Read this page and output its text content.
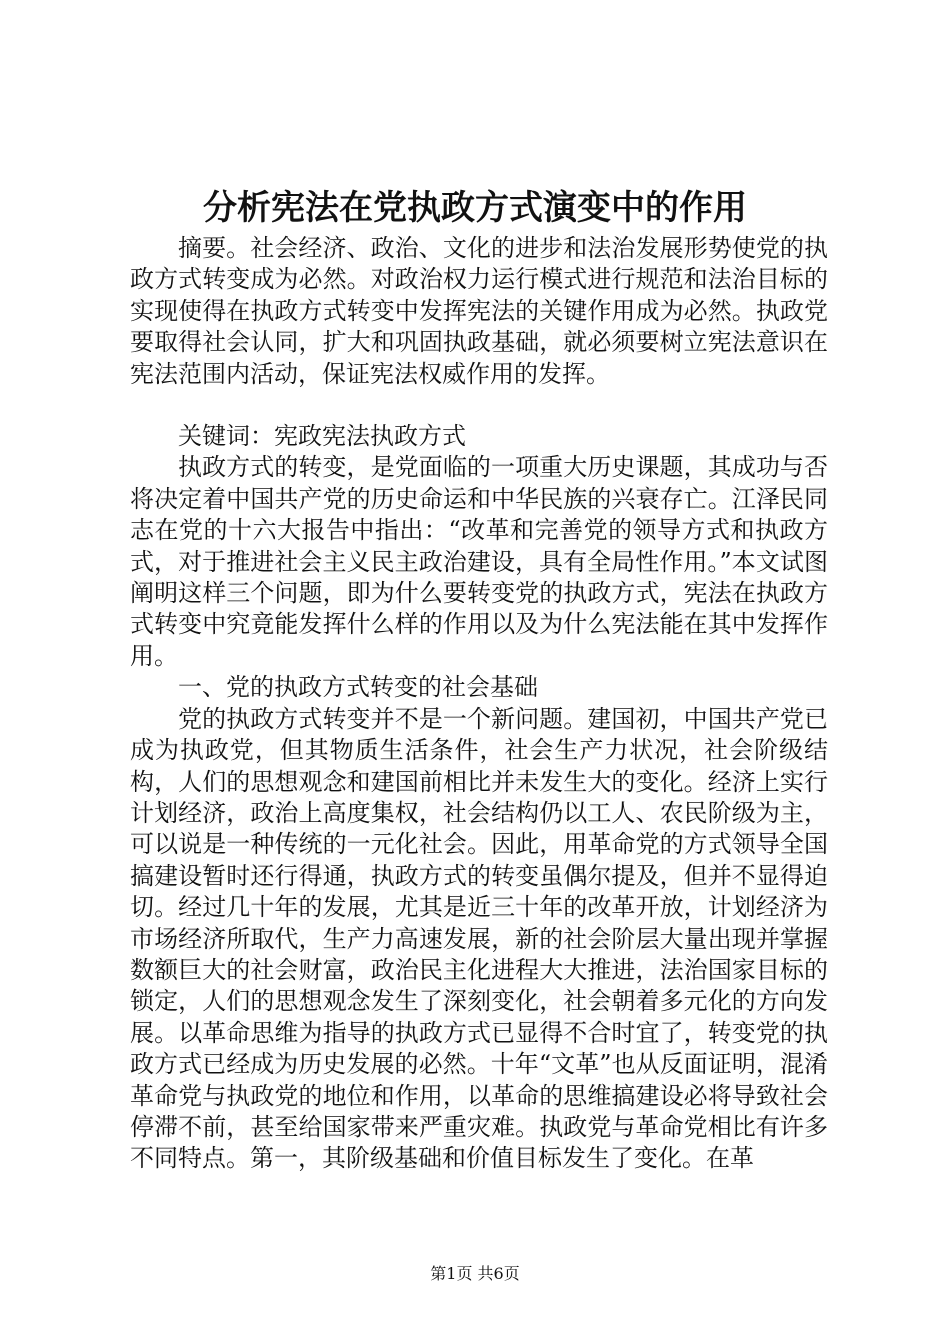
分析宪法在党执政方式演变中的作用

摘要。社会经济、政治、文化的进步和法治发展形势使党的执政方式转变成为必然。对政治权力运行模式进行规范和法治目标的实现使得在执政方式转变中发挥宪法的关键作用成为必然。执政党要取得社会认同，扩大和巩固执政基础，就必须要树立宪法意识在宪法范围内活动，保证宪法权威作用的发挥。

关键词：宪政宪法执政方式

执政方式的转变，是党面临的一项重大历史课题，其成功与否将决定着中国共产党的历史命运和中华民族的兴衰存亡。江泽民同志在党的十六大报告中指出：“改革和完善党的领导方式和执政方式，对于推进社会主义民主政治建设，具有全局性作用。”本文试图阐明这样三个问题，即为什么要转变党的执政方式，宪法在执政方式转变中究竟能发挥什么样的作用以及为什么宪法能在其中发挥作用。

一、党的执政方式转变的社会基础

党的执政方式转变并不是一个新问题。建国初，中国共产党已成为执政党，但其物质生活条件，社会生产力状况，社会阶级结构，人们的思想观念和建国前相比并未发生大的变化。经济上实行计划经济，政治上高度集权，社会结构仍以工人、农民阶级为主，可以说是一种传统的一元化社会。因此，用革命党的方式领导全国搞建设暂时还行得通，执政方式的转变虽偶尔提及，但并不显得迫切。经过几十年的发展，尤其是近三十年的改革开放，计划经济为市场经济所取代，生产力高速发展，新的社会阶层大量出现并掌握数额巨大的社会财富，政治民主化进程大大推进，法治国家目标的锁定，人们的思想观念发生了深刻变化，社会朝着多元化的方向发展。以革命思维为指导的执政方式已显得不合时宜了，转变党的执政方式已经成为历史发展的必然。十年“文革”也从反面证明，混淆革命党与执政党的地位和作用，以革命的思维搞建设必将导致社会停滞不前，甚至给国家带来严重灾难。执政党与革命党相比有许多不同特点。第一，其阶级基础和价值目标发生了变化。在革

第1页 共6页
